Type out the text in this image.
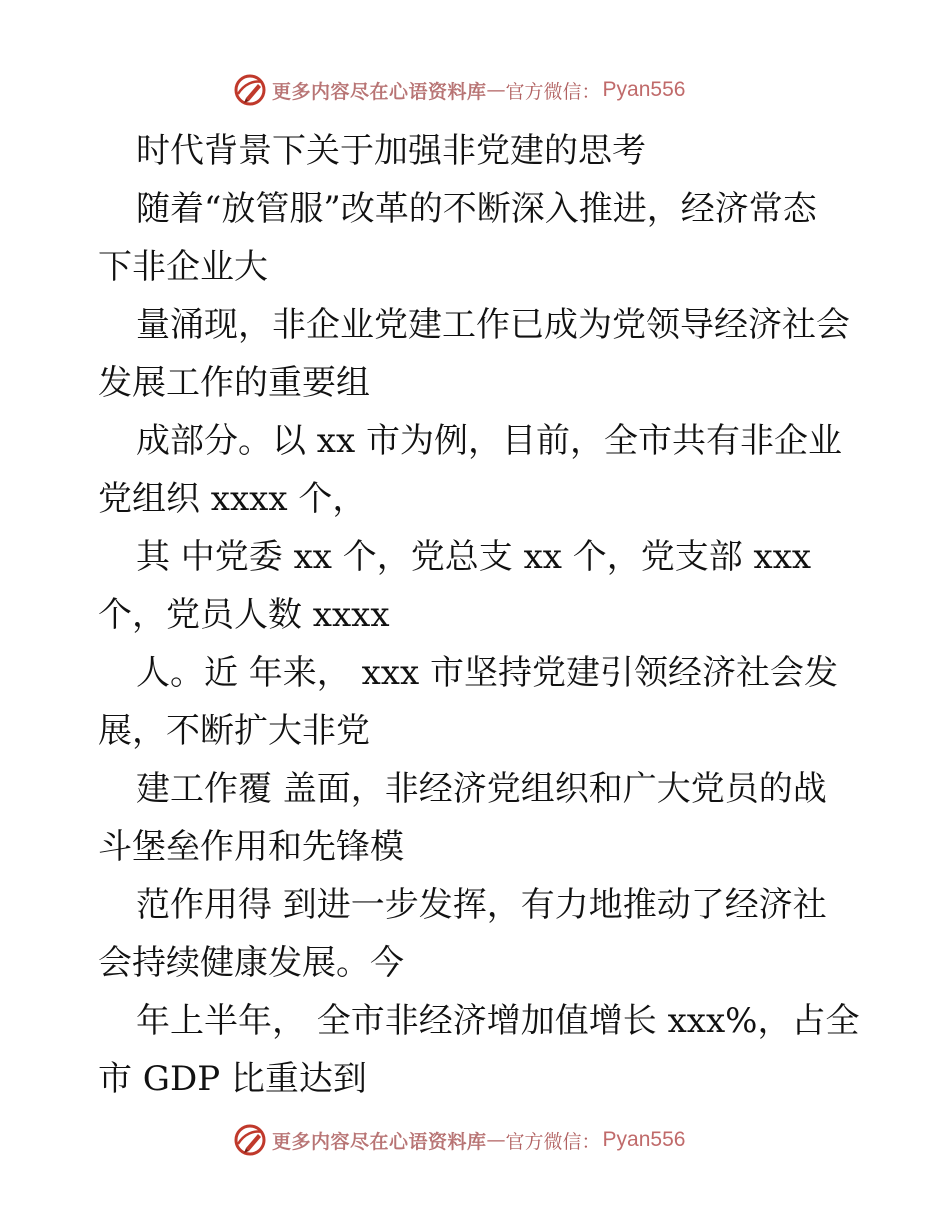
更多内容尽在心语资料库 — 官方微信： Pyan556
时代背景下关于加强非党建的思考
随着“放管服”改革的不断深入推进，经济常态
下非企业大
量涌现，非企业党建工作已成为党领导经济社会
发展工作的重要组
成部分。以 xx 市为例，目前，全市共有非企业
党组织 xxxx 个，
其 中党委 xx 个，党总支 xx 个，党支部 xxx
个，党员人数 xxxx
人。近 年来， xxx 市坚持党建引领经济社会发
展，不断扩大非党
建工作覆 盖面，非经济党组织和广大党员的战
斗堡垒作用和先锋模
范作用得 到进一步发挥，有力地推动了经济社
会持续健康发展。今
年上半年， 全市非经济增加值增长 xxx%，占全
市 GDP 比重达到
更多内容尽在心语资料库 — 官方微信： Pyan556
